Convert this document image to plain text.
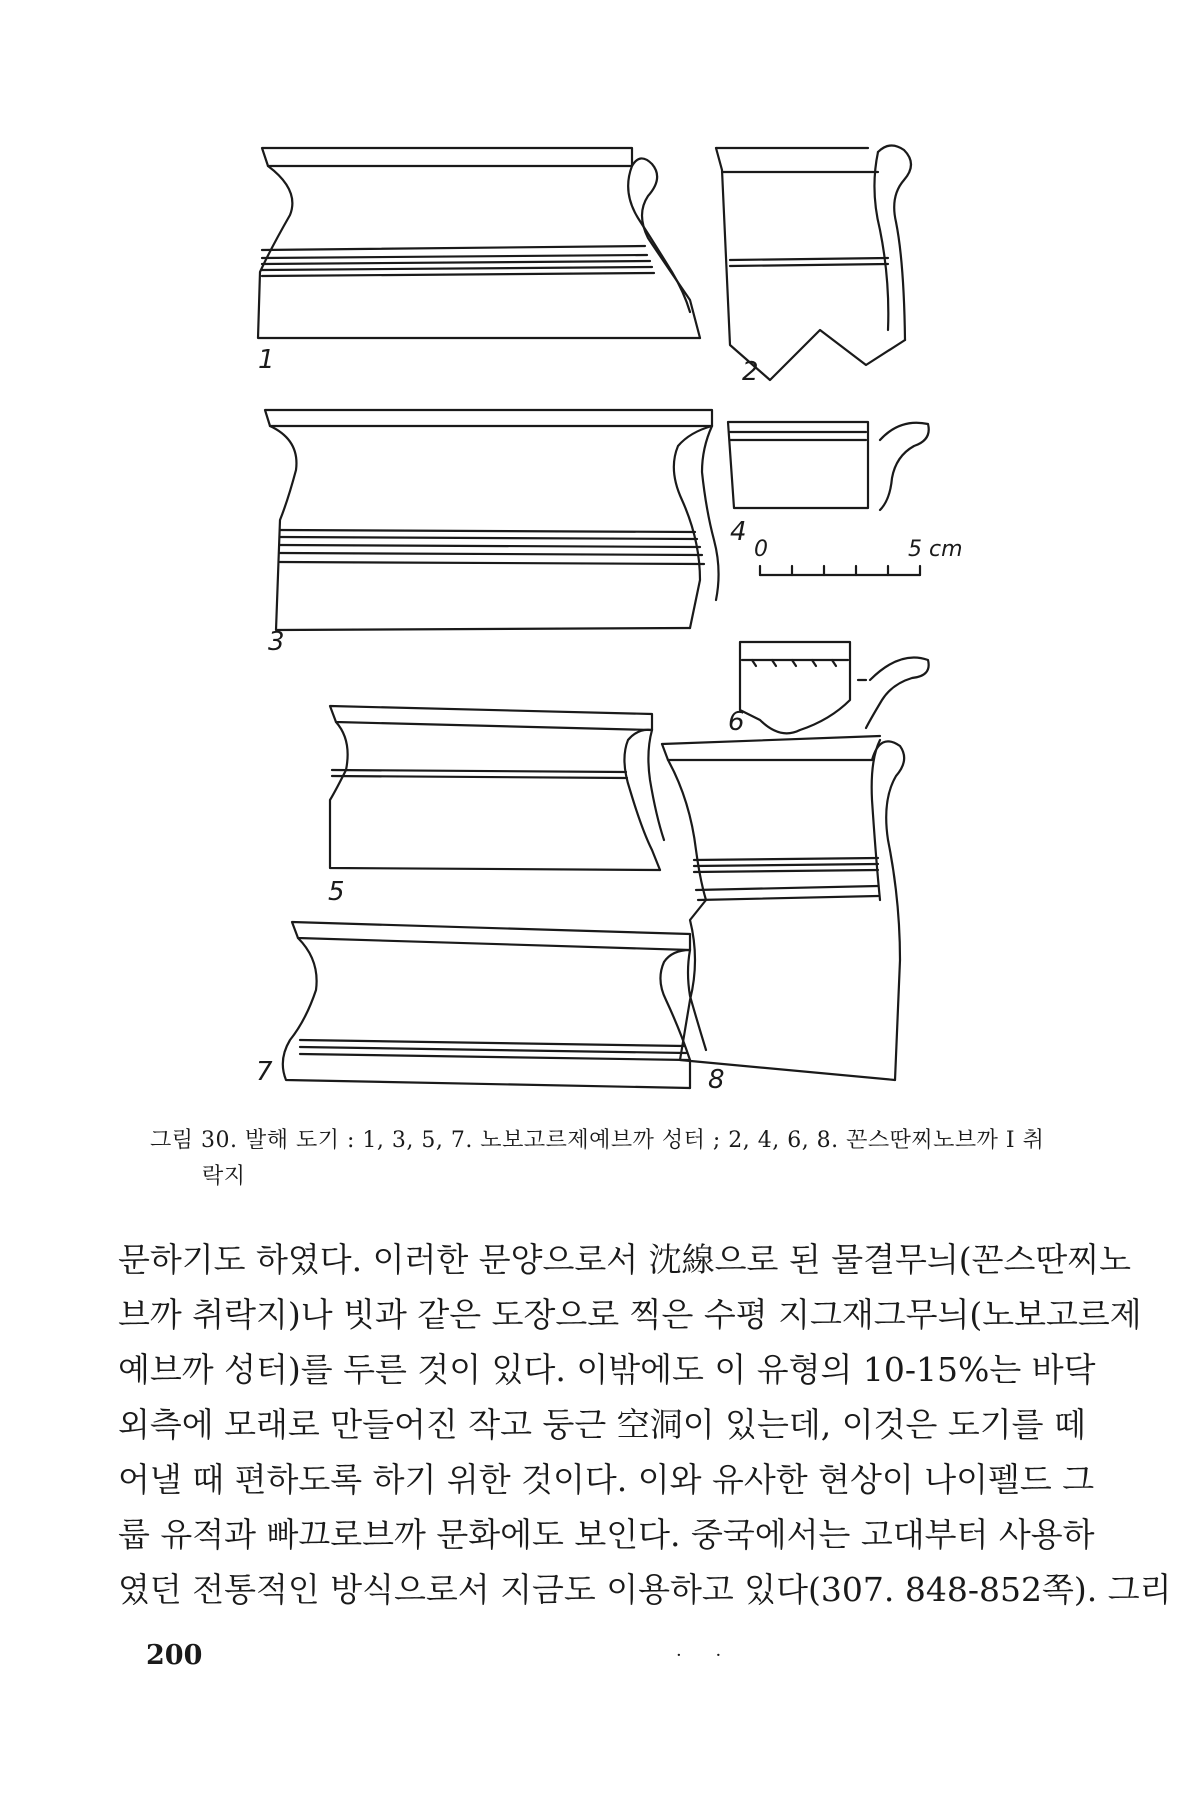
1	2
3
4
5
6
7	8
0	5 cm
그림 30. 발해 도기 : 1, 3, 5, 7. 노보고르제예브까 성터 ; 2, 4, 6, 8. 꼰스딴찌노브까 I 취
락지
문하기도 하였다. 이러한 문양으로서 沈線으로 된 물결무늬(꼰스딴찌노
브까 취락지)나 빗과 같은 도장으로 찍은 수평 지그재그무늬(노보고르제
예브까 성터)를 두른 것이 있다. 이밖에도 이 유형의 10-15%는 바닥
외측에 모래로 만들어진 작고 둥근 空洞이 있는데, 이것은 도기를 떼
어낼 때 편하도록 하기 위한 것이다. 이와 유사한 현상이 나이펠드 그
룹 유적과 빠끄로브까 문화에도 보인다. 중국에서는 고대부터 사용하
였던 전통적인 방식으로서 지금도 이용하고 있다(307. 848-852쪽). 그리
200	· ·
